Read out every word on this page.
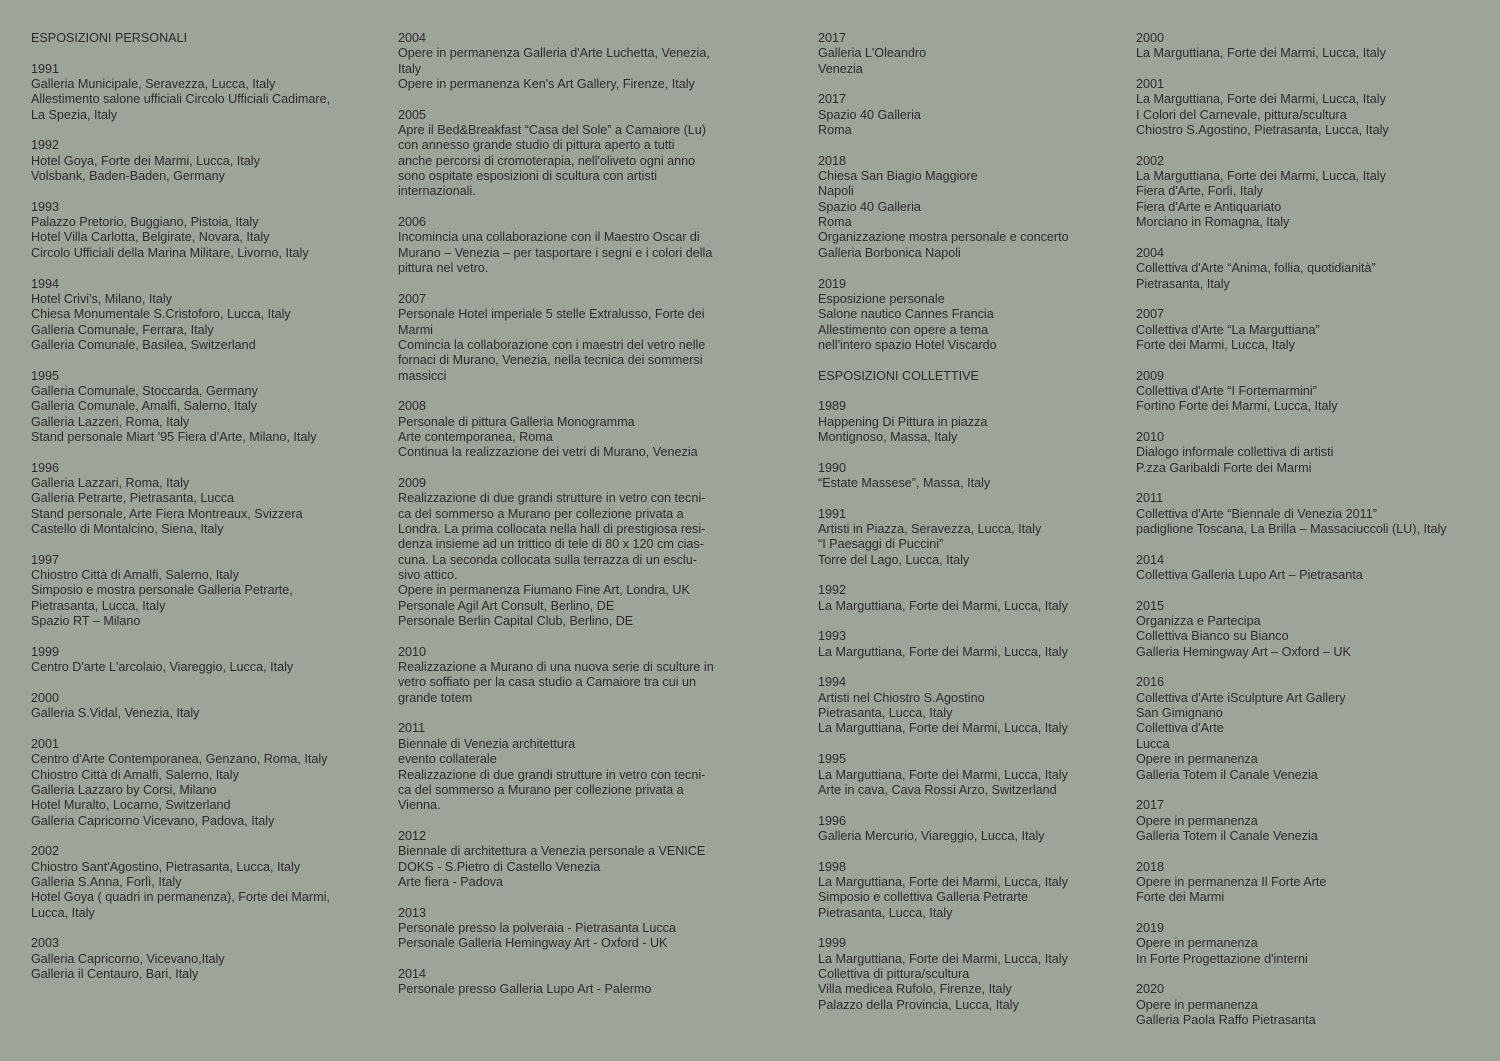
ESPOSIZIONI PERSONALI
1991
Galleria Municipale, Seravezza, Lucca, Italy
Allestimento salone ufficiali Circolo Ufficiali Cadimare,
La Spezia, Italy
1992
Hotel Goya, Forte dei Marmi, Lucca, Italy
Volsbank, Baden-Baden, Germany
1993
Palazzo Pretorio, Buggiano, Pistoia, Italy
Hotel Villa Carlotta, Belgirate, Novara, Italy
Circolo Ufficiali della Marina Militare, Livorno, Italy
1994
Hotel Crivi's, Milano, Italy
Chiesa Monumentale S.Cristoforo, Lucca, Italy
Galleria Comunale, Ferrara, Italy
Galleria Comunale, Basilea, Switzerland
1995
Galleria Comunale, Stoccarda, Germany
Galleria Comunale, Amalfi, Salerno, Italy
Galleria Lazzeri, Roma, Italy
Stand personale Miart '95 Fiera d'Arte, Milano, Italy
1996
Galleria Lazzari, Roma, Italy
Galleria Petrarte, Pietrasanta, Lucca
Stand personale, Arte Fiera Montreaux, Svizzera
Castello di Montalcino, Siena, Italy
1997
Chiostro Città di Amalfi, Salerno, Italy
Simposio e mostra personale Galleria Petrarte,
Pietrasanta, Lucca, Italy
Spazio RT – Milano
1999
Centro D'arte L'arcolaio, Viareggio, Lucca, Italy
2000
Galleria S.Vidal, Venezia, Italy
2001
Centro d'Arte Contemporanea, Genzano, Roma, Italy
Chiostro Città di Amalfi, Salerno, Italy
Galleria Lazzaro by Corsi, Milano
Hotel Muralto, Locarno, Switzerland
Galleria Capricorno Vicevano, Padova, Italy
2002
Chiostro Sant'Agostino, Pietrasanta, Lucca, Italy
Galleria S.Anna, Forlì, Italy
Hotel Goya ( quadri in permanenza), Forte dei Marmi,
Lucca, Italy
2003
Galleria Capricorno, Vicevano,Italy
Galleria il Centauro, Bari, Italy
2004
Opere in permanenza Galleria d'Arte Luchetta, Venezia,
Italy
Opere in permanenza Ken's Art Gallery, Firenze, Italy
2005
Apre il Bed&Breakfast “Casa del Sole” a Camaiore (Lu)
con annesso grande studio di pittura aperto a tutti
anche percorsi di cromoterapia, nell'oliveto ogni anno
sono ospitate esposizioni di scultura con artisti
internazionali.
2006
Incomincia una collaborazione con il Maestro Oscar di
Murano – Venezia – per tasportare i segni e i colori della
pittura nel vetro.
2007
Personale Hotel imperiale 5 stelle Extralusso, Forte dei
Marmi
Comincia la collaborazione con i maestri del vetro nelle
fornaci di Murano, Venezia, nella tecnica dei sommersi
massicci
2008
Personale di pittura Galleria Monogramma
Arte contemporanea, Roma
Continua la realizzazione dei vetri di Murano, Venezia
2009
Realizzazione di due grandi strutture in vetro con tecni-
ca del sommerso a Murano per collezione privata a
Londra. La prima collocata nella hall di prestigiosa resi-
denza insieme ad un trittico di tele di 80 x 120 cm cias-
cuna. La seconda collocata sulla terrazza di un esclu-
sivo attico.
Opere in permanenza Fiumano Fine Art, Londra, UK
Personale Agil Art Consult, Berlino, DE
Personale Berlin Capital Club, Berlino, DE
2010
Realizzazione a Murano di una nuova serie di sculture in
vetro soffiato per la casa studio a Camaiore tra cui un
grande totem
2011
Biennale di Venezia architettura
evento collaterale
Realizzazione di due grandi strutture in vetro con tecni-
ca del sommerso a Murano per collezione privata a
Vienna.
2012
Biennale di architettura a Venezia personale a VENICE
DOKS - S.Pietro di Castello Venezia
Arte fiera - Padova
2013
Personale presso la polveraia - Pietrasanta Lucca
Personale Galleria Hemingway Art - Oxford - UK
2014
Personale presso Galleria Lupo Art - Palermo
2017
Galleria L'Oleandro
Venezia
2017
Spazio 40 Galleria
Roma
2018
Chiesa San Biagio Maggiore
Napoli
Spazio 40 Galleria
Roma
Organizzazione mostra personale e concerto
Galleria Borbonica Napoli
2019
Esposizione personale
Salone nautico Cannes Francia
Allestimento con opere a tema
nell'intero spazio Hotel Viscardo
ESPOSIZIONI COLLETTIVE
1989
Happening Di Pittura in piazza
Montignoso, Massa, Italy
1990
“Estate Massese”, Massa, Italy
1991
Artisti in Piazza, Seravezza, Lucca, Italy
“I Paesaggi di Puccini”
Torre del Lago, Lucca, Italy
1992
La Marguttiana, Forte dei Marmi, Lucca, Italy
1993
La Marguttiana, Forte dei Marmi, Lucca, Italy
1994
Artisti nel Chiostro S.Agostino
Pietrasanta, Lucca, Italy
La Marguttiana, Forte dei Marmi, Lucca, Italy
1995
La Marguttiana, Forte dei Marmi, Lucca, Italy
Arte in cava, Cava Rossi Arzo, Switzerland
1996
Galleria Mercurio, Viareggio, Lucca, Italy
1998
La Marguttiana, Forte dei Marmi, Lucca, Italy
Simposio e collettiva Galleria Petrarte
Pietrasanta, Lucca, Italy
1999
La Marguttiana, Forte dei Marmi, Lucca, Italy
Collettiva di pittura/scultura
Villa medicea Rufolo, Firenze, Italy
Palazzo della Provincia, Lucca, Italy
2000
La Marguttiana, Forte dei Marmi, Lucca, Italy
2001
La Marguttiana, Forte dei Marmi, Lucca, Italy
I Colori del Carnevale, pittura/scultura
Chiostro S.Agostino, Pietrasanta, Lucca, Italy
2002
La Marguttiana, Forte dei Marmi, Lucca, Italy
Fiera d'Arte, Forlì, Italy
Fiera d'Arte e Antiquariato
Morciano in Romagna, Italy
2004
Collettiva d'Arte “Anima, follia, quotidianità”
Pietrasanta, Italy
2007
Collettiva d'Arte “La Marguttiana”
Forte dei Marmi, Lucca, Italy
2009
Collettiva d'Arte “I Fortemarmini”
Fortino Forte dei Marmi, Lucca, Italy
2010
Dialogo informale collettiva di artisti
P.zza Garibaldi Forte dei Marmi
2011
Collettiva d'Arte “Biennale di Venezia 2011”
padiglione Toscana, La Brilla – Massaciuccoli (LU), Italy
2014
Collettiva Galleria Lupo Art – Pietrasanta
2015
Organizza e Partecipa
Collettiva Bianco su Bianco
Galleria Hemingway Art – Oxford – UK
2016
Collettiva d'Arte iSculpture Art Gallery
San Gimignano
Collettiva d'Arte
Lucca
Opere in permanenza
Galleria Totem il Canale Venezia
2017
Opere in permanenza
Galleria Totem il Canale Venezia
2018
Opere in permanenza Il Forte Arte
Forte dei Marmi
2019
Opere in permanenza
In Forte Progettazione d'interni
2020
Opere in permanenza
Galleria Paola Raffo Pietrasanta
